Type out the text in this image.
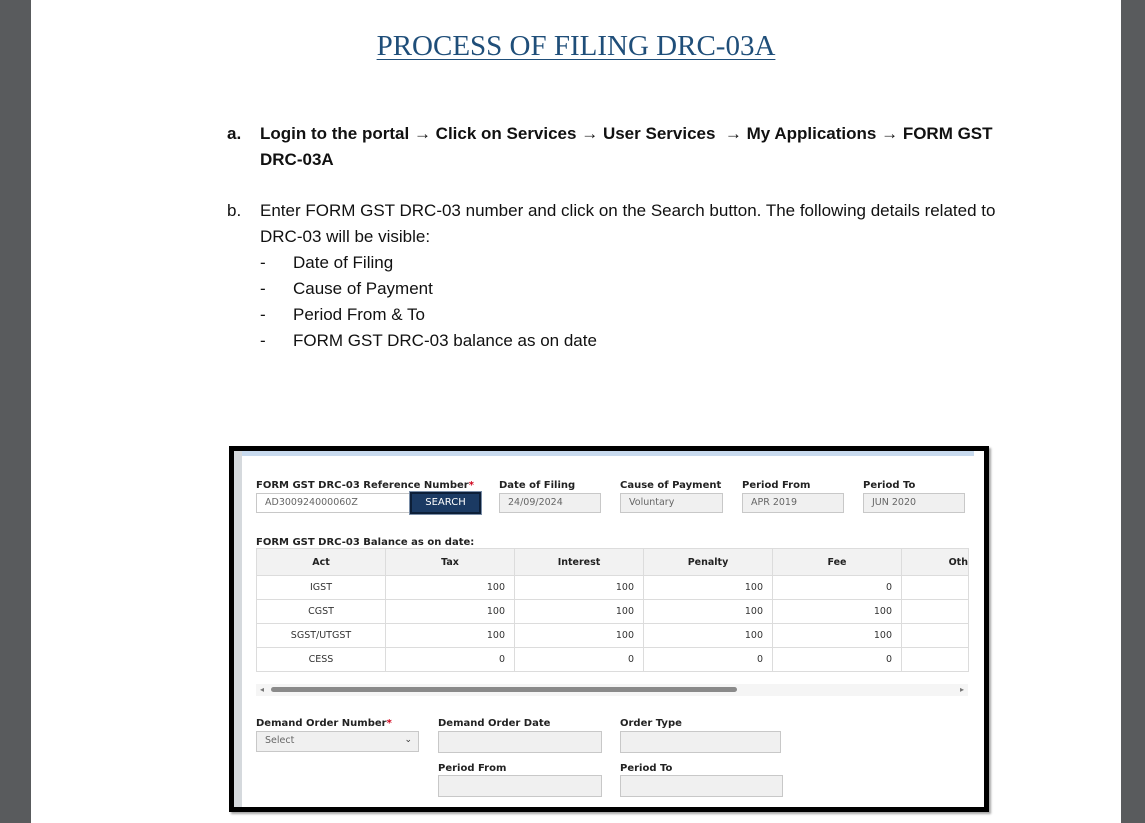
PROCESS OF FILING DRC-03A
a. Login to the portal → Click on Services → User Services → My Applications → FORM GST DRC-03A
b. Enter FORM GST DRC-03 number and click on the Search button. The following details related to DRC-03 will be visible:
- Date of Filing
- Cause of Payment
- Period From & To
- FORM GST DRC-03 balance as on date
FORM GST DRC-03 Reference Number*
AD300924000060Z	SEARCH
Date of Filing
24/09/2024
Cause of Payment
Voluntary
Period From
APR 2019
Period To
JUN 2020
FORM GST DRC-03 Balance as on date:
Act	Tax	Interest	Penalty	Fee	Oth
IGST	100	100	100	0	
CGST	100	100	100	100	
SGST/UTGST	100	100	100	100	
CESS	0	0	0	0	
◂	▸
Demand Order Number*
Select	⌄
Demand Order Date	Order Type
Period From	Period To
